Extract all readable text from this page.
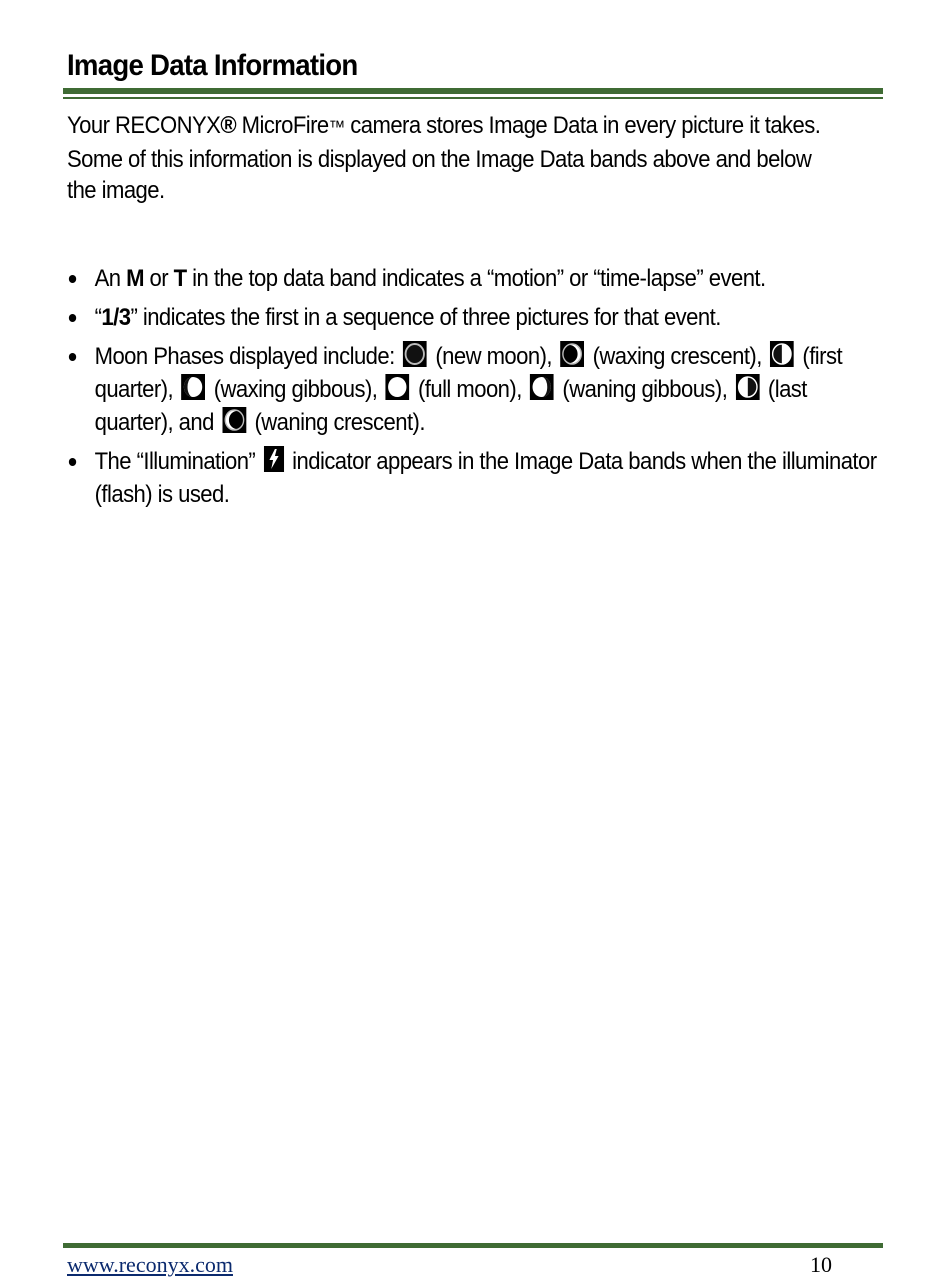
Image Data Information

Your RECONYX® MicroFire™ camera stores Image Data in every picture it takes. Some of this information is displayed on the Image Data bands above and below the image.

An M or T in the top data band indicates a “motion” or “time-lapse” event.
“1/3” indicates the first in a sequence of three pictures for that event.
Moon Phases displayed include:
(new moon),
(waxing crescent),
(first quarter),
(waxing gibbous),
(full moon),
(waning gibbous),
(last quarter), and
(waning crescent).
The “Illumination”
indicator appears in the Image Data bands when the illuminator (flash) is used.
www.reconyx.com	10
